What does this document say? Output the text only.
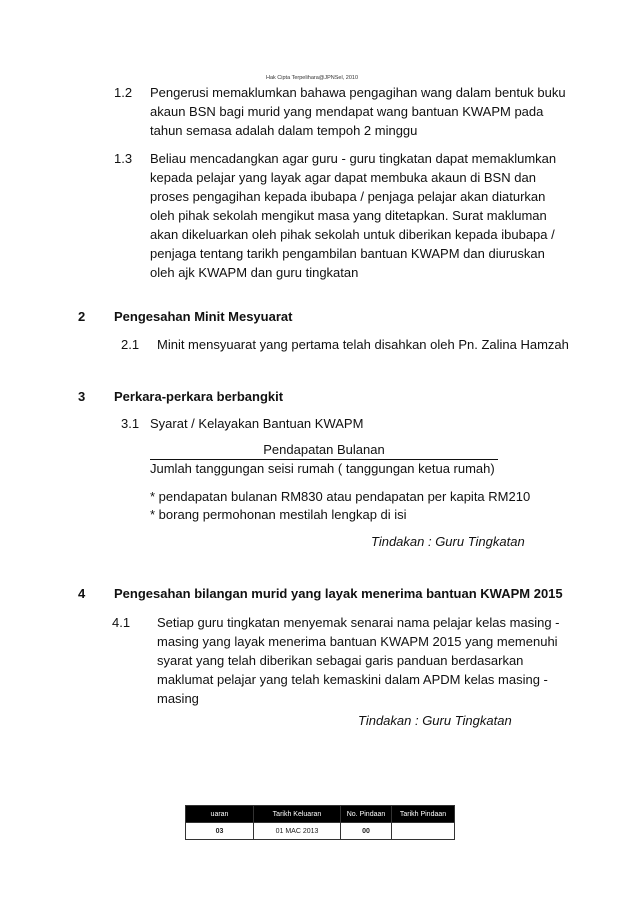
Hak Cipta Terpelihara@JPNSel, 2010
1.2 Pengerusi memaklumkan bahawa pengagihan wang dalam bentuk buku
akaun BSN bagi murid yang mendapat wang bantuan KWAPM pada
tahun semasa adalah dalam tempoh 2 minggu
1.3 Beliau mencadangkan agar guru - guru tingkatan dapat memaklumkan
kepada pelajar yang layak agar dapat membuka akaun di BSN dan
proses pengagihan kepada ibubapa / penjaga pelajar akan diaturkan
oleh pihak sekolah mengikut masa yang ditetapkan. Surat makluman
akan dikeluarkan oleh pihak sekolah untuk diberikan kepada ibubapa /
penjaga tentang tarikh pengambilan bantuan KWAPM dan diuruskan
oleh ajk KWAPM dan guru tingkatan
2 Pengesahan Minit Mesyuarat
2.1 Minit mensyuarat yang pertama telah disahkan oleh Pn. Zalina Hamzah
3 Perkara-perkara berbangkit
3.1 Syarat / Kelayakan Bantuan KWAPM
Pendapatan Bulanan
Jumlah tanggungan seisi rumah ( tanggungan ketua rumah)
* pendapatan bulanan RM830 atau pendapatan per kapita RM210
* borang permohonan mestilah lengkap di isi
Tindakan : Guru Tingkatan
4 Pengesahan bilangan murid yang layak menerima bantuan KWAPM 2015
4.1 Setiap guru tingkatan menyemak senarai nama pelajar kelas masing -
masing yang layak menerima bantuan KWAPM 2015 yang memenuhi
syarat yang telah diberikan sebagai garis panduan berdasarkan
maklumat pelajar yang telah kemaskini dalam APDM kelas masing -
masing
Tindakan : Guru Tingkatan
uaran	Tarikh Keluaran	No. Pindaan	Tarikh Pindaan
03	01 MAC 2013	00	
